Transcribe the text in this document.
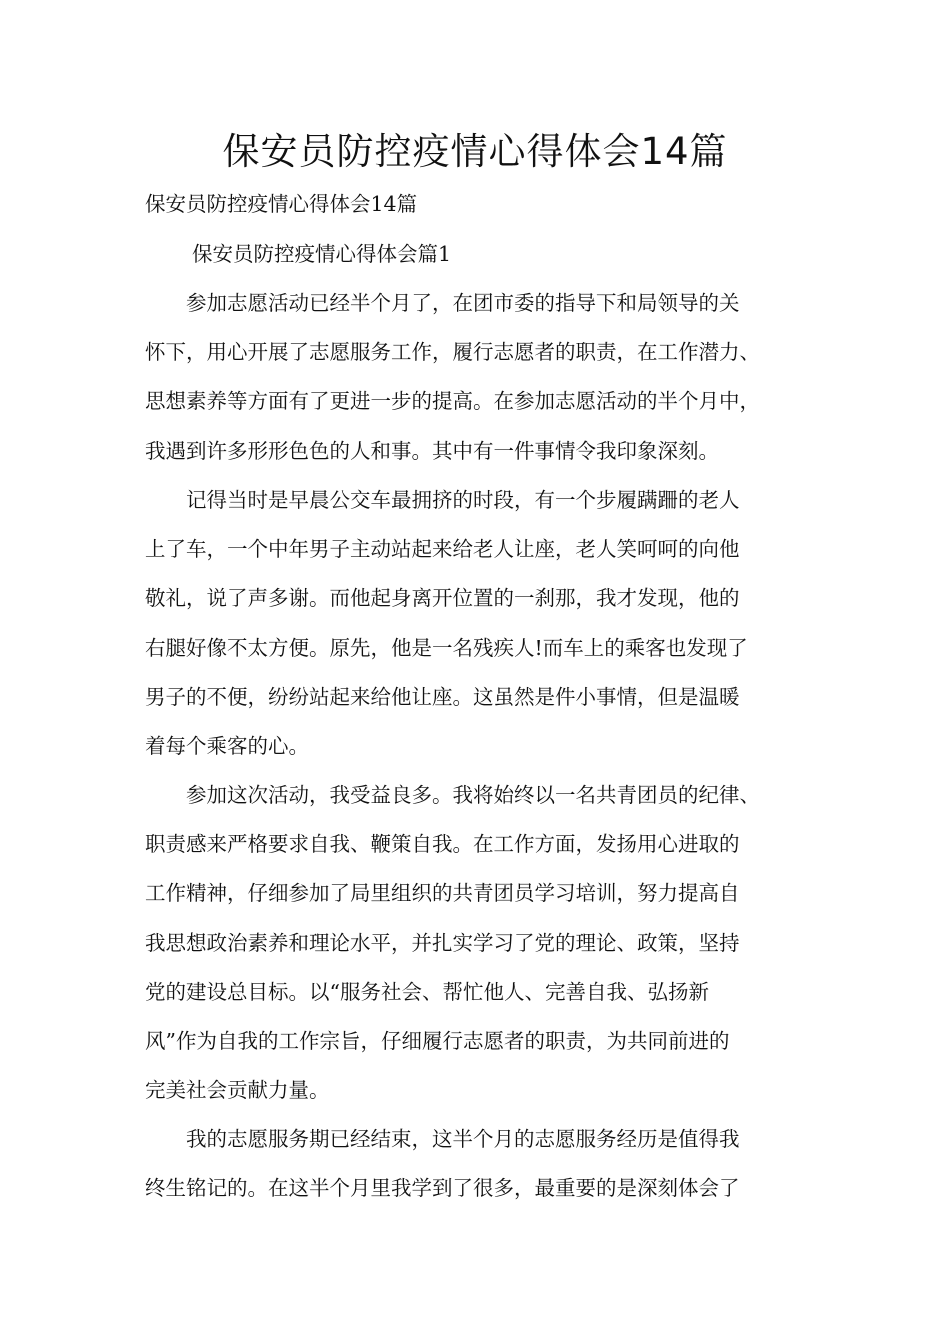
保安员防控疫情心得体会14篇

保安员防控疫情心得体会14篇

保安员防控疫情心得体会篇1

　　参加志愿活动已经半个月了，在团市委的指导下和局领导的关
怀下，用心开展了志愿服务工作，履行志愿者的职责，在工作潜力、
思想素养等方面有了更进一步的提高。在参加志愿活动的半个月中，
我遇到许多形形色色的人和事。其中有一件事情令我印象深刻。

　　记得当时是早晨公交车最拥挤的时段，有一个步履蹒跚的老人
上了车，一个中年男子主动站起来给老人让座，老人笑呵呵的向他
敬礼，说了声多谢。而他起身离开位置的一刹那，我才发现，他的
右腿好像不太方便。原先，他是一名残疾人!而车上的乘客也发现了
男子的不便，纷纷站起来给他让座。这虽然是件小事情，但是温暖
着每个乘客的心。

　　参加这次活动，我受益良多。我将始终以一名共青团员的纪律、
职责感来严格要求自我、鞭策自我。在工作方面，发扬用心进取的
工作精神，仔细参加了局里组织的共青团员学习培训，努力提高自
我思想政治素养和理论水平，并扎实学习了党的理论、政策，坚持
党的建设总目标。以“服务社会、帮忙他人、完善自我、弘扬新
风”作为自我的工作宗旨，仔细履行志愿者的职责，为共同前进的
完美社会贡献力量。

　　我的志愿服务期已经结束，这半个月的志愿服务经历是值得我
终生铭记的。在这半个月里我学到了很多，最重要的是深刻体会了
